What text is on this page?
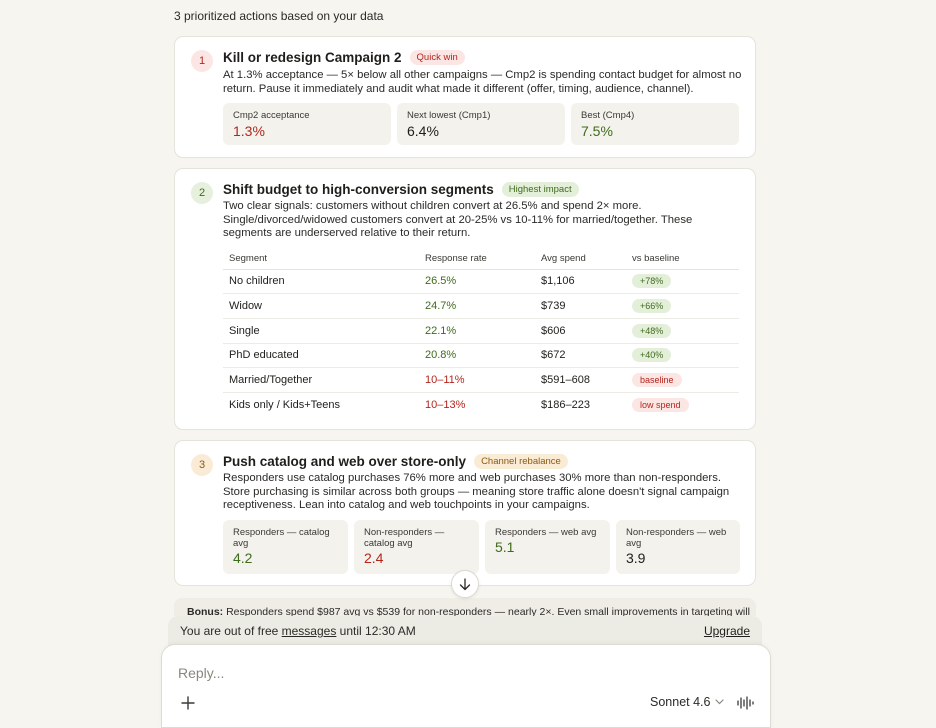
3 prioritized actions based on your data
1	Kill or redesign Campaign 2 Quick win
At 1.3% acceptance — 5× below all other campaigns — Cmp2 is spending contact budget for almost no return. Pause it immediately and audit what made it different (offer, timing, audience, channel).
Cmp2 acceptance
1.3%
Next lowest (Cmp1)
6.4%
Best (Cmp4)
7.5%
2	Shift budget to high-conversion segments Highest impact
Two clear signals: customers without children convert at 26.5% and spend 2× more. Single/divorced/widowed customers convert at 20-25% vs 10-11% for married/together. These segments are underserved relative to their return.
Segment	Response rate	Avg spend	vs baseline
No children	26.5%	$1,106	+78%
Widow	24.7%	$739	+66%
Single	22.1%	$606	+48%
PhD educated	20.8%	$672	+40%
Married/Together	10–11%	$591–608	baseline
Kids only / Kids+Teens	10–13%	$186–223	low spend
3	Push catalog and web over store-only Channel rebalance
Responders use catalog purchases 76% more and web purchases 30% more than non-responders. Store purchasing is similar across both groups — meaning store traffic alone doesn't signal campaign receptiveness. Lean into catalog and web touchpoints in your campaigns.
Responders — catalog avg
4.2
Non-responders — catalog avg
2.4
Responders — web avg
5.1
Non-responders — web avg
3.9
Bonus: Responders spend $987 avg vs $539 for non-responders — nearly 2×. Even small improvements in targeting will
You are out of free messages until 12:30 AM	Upgrade
Reply...
Sonnet 4.6
